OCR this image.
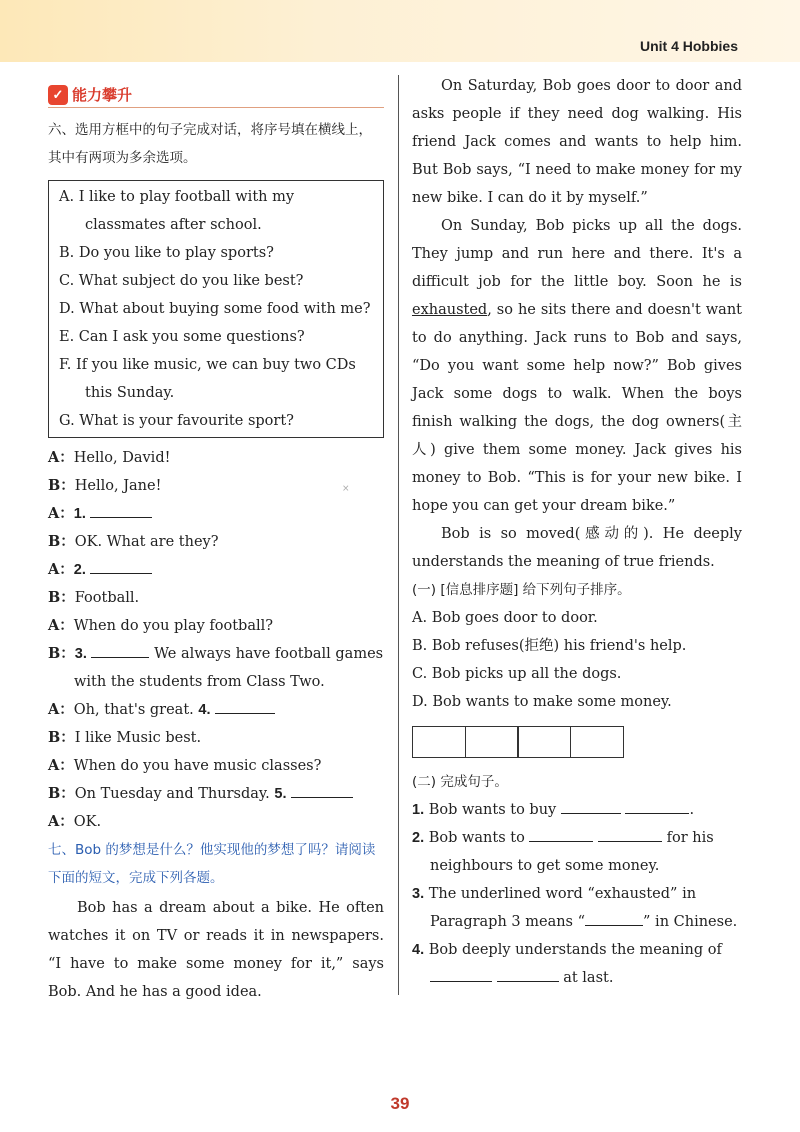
Unit 4 Hobbies
✓ 能力攀升
六、选用方框中的句子完成对话，将序号填在横线上，其中有两项为多余选项。
A. I like to play football with my classmates after school.
B. Do you like to play sports?
C. What subject do you like best?
D. What about buying some food with me?
E. Can I ask you some questions?
F. If you like music, we can buy two CDs this Sunday.
G. What is your favourite sport?
A：Hello, David!
B：Hello, Jane!
A：1.
B：OK. What are they?
A：2.
B：Football.
A：When do you play football?
B：3.	We always have football games with the students from Class Two.
A：Oh, that's great. 4.
B：I like Music best.
A：When do you have music classes?
B：On Tuesday and Thursday. 5.
A：OK.
七、Bob 的梦想是什么？他实现他的梦想了吗？请阅读下面的短文，完成下列各题。
Bob has a dream about a bike. He often watches it on TV or reads it in newspapers. “I have to make some money for it,” says Bob. And he has a good idea.
On Saturday, Bob goes door to door and asks people if they need dog walking. His friend Jack comes and wants to help him. But Bob says, “I need to make money for my new bike. I can do it by myself.”
On Sunday, Bob picks up all the dogs. They jump and run here and there. It's a difficult job for the little boy. Soon he is exhausted, so he sits there and doesn't want to do anything. Jack runs to Bob and says, “Do you want some help now?” Bob gives Jack some dogs to walk. When the boys finish walking the dogs, the dog owners(主人) give them some money. Jack gives his money to Bob. “This is for your new bike. I hope you can get your dream bike.”
Bob is so moved(感动的). He deeply understands the meaning of true friends.
(一) [信息排序题] 给下列句子排序。
A. Bob goes door to door.
B. Bob refuses(拒绝) his friend's help.
C. Bob picks up all the dogs.
D. Bob wants to make some money.
(二) 完成句子。
1. Bob wants to buy	.
2. Bob wants to	for his neighbours to get some money.
3. The underlined word “exhausted” in Paragraph 3 means “	” in Chinese.
4. Bob deeply understands the meaning of   at last.
×
39
